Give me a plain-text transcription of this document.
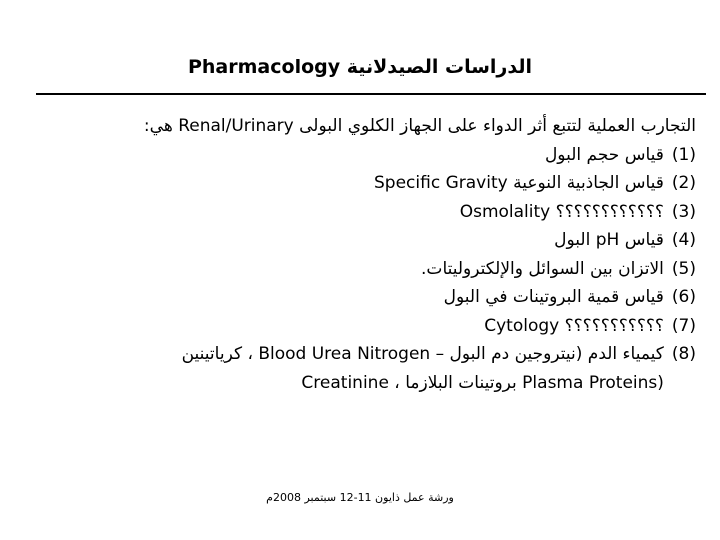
Pharmacology الدراسات الصيدلانية
التجارب العملية لتتبع أثر الدواء على الجهاز الكلوي البولى Renal/Urinary هي:
(1)
قياس حجم البول
(2)
قياس الجاذبية النوعية Specific Gravity
(3)
Osmolality ؟؟؟؟؟؟؟؟؟؟؟؟
(4)
قياس pH البول
(5)
الاتزان بين السوائل والإلكتروليتات.
(6)
قياس قمية البروتينات في البول
(7)
Cytology ؟؟؟؟؟؟؟؟؟؟؟
(8)
كيمياء الدم (نيتروجين دم البول – Blood Urea Nitrogen ، كرياتينين
Creatinine ، بروتينات البلازما Plasma Proteins)
ورشة عمل ذايون 11-12 سبتمبر 2008م
